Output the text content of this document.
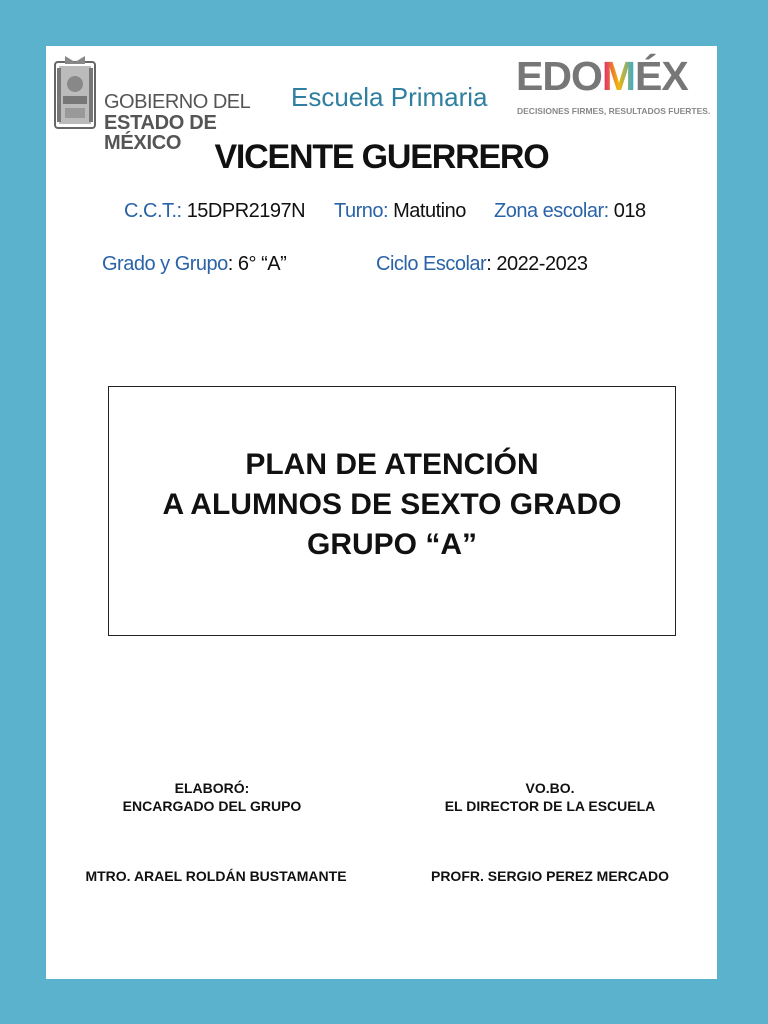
GOBIERNO DEL
ESTADO DE MÉXICO
Escuela Primaria EDOMÉX
DECISIONES FIRMES, RESULTADOS FUERTES.
VICENTE GUERRERO
C.C.T.: 15DPR2197N Turno: Matutino Zona escolar: 018
Grado y Grupo: 6° “A”	Ciclo Escolar: 2022-2023
PLAN DE ATENCIÓN
A ALUMNOS DE SEXTO GRADO
GRUPO “A”
ELABORÓ:
ENCARGADO DEL GRUPO
VO.BO.
EL DIRECTOR DE LA ESCUELA
MTRO. ARAEL ROLDÁN BUSTAMANTE	PROFR. SERGIO PEREZ MERCADO
